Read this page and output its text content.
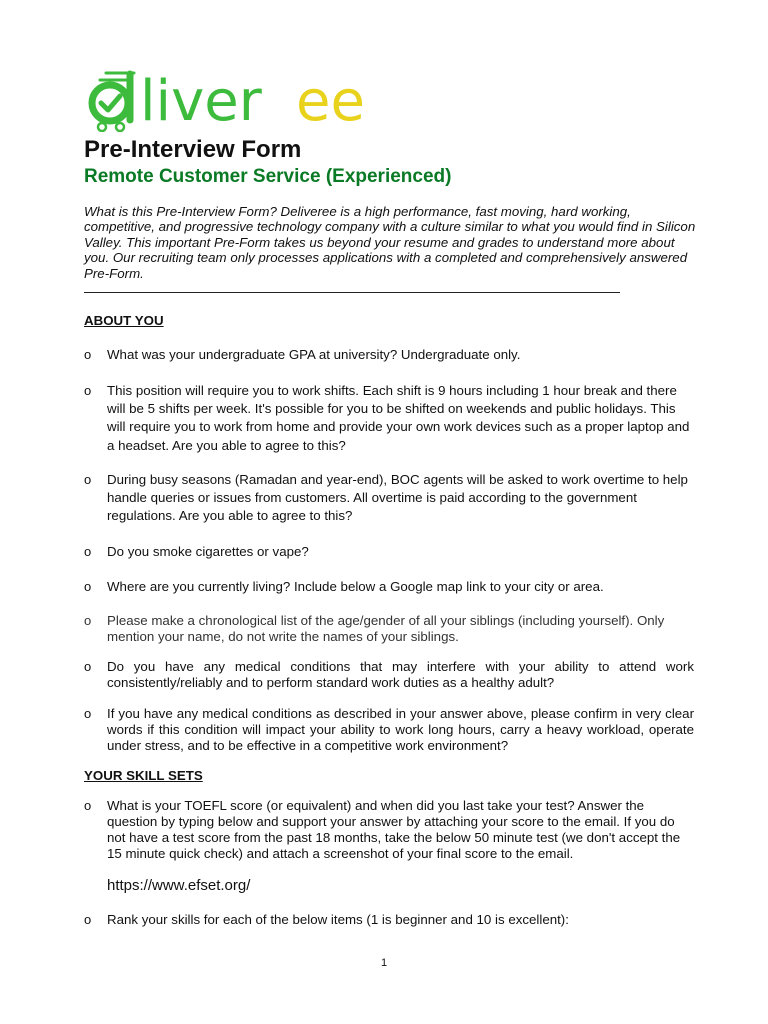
liver ee
Pre-Interview Form
Remote Customer Service (Experienced)
What is this Pre-Interview Form? Deliveree is a high performance, fast moving, hard working, competitive, and progressive technology company with a culture similar to what you would find in Silicon Valley. This important Pre-Form takes us beyond your resume and grades to understand more about you. Our recruiting team only processes applications with a completed and comprehensively answered Pre-Form.
ABOUT YOU
o	What was your undergraduate GPA at university? Undergraduate only.
o	This position will require you to work shifts. Each shift is 9 hours including 1 hour break and there will be 5 shifts per week. It's possible for you to be shifted on weekends and public holidays. This will require you to work from home and provide your own work devices such as a proper laptop and a headset. Are you able to agree to this?
o	During busy seasons (Ramadan and year-end), BOC agents will be asked to work overtime to help handle queries or issues from customers. All overtime is paid according to the government regulations. Are you able to agree to this?
o	Do you smoke cigarettes or vape?
o	Where are you currently living? Include below a Google map link to your city or area.
o	Please make a chronological list of the age/gender of all your siblings (including yourself). Only mention your name, do not write the names of your siblings.
o	Do you have any medical conditions that may interfere with your ability to attend work consistently/reliably and to perform standard work duties as a healthy adult?
o	If you have any medical conditions as described in your answer above, please confirm in very clear words if this condition will impact your ability to work long hours, carry a heavy workload, operate under stress, and to be effective in a competitive work environment?
YOUR SKILL SETS
o	What is your TOEFL score (or equivalent) and when did you last take your test? Answer the question by typing below and support your answer by attaching your score to the email. If you do not have a test score from the past 18 months, take the below 50 minute test (we don't accept the 15 minute quick check) and attach a screenshot of your final score to the email.
https://www.efset.org/
o	Rank your skills for each of the below items (1 is beginner and 10 is excellent):
1
